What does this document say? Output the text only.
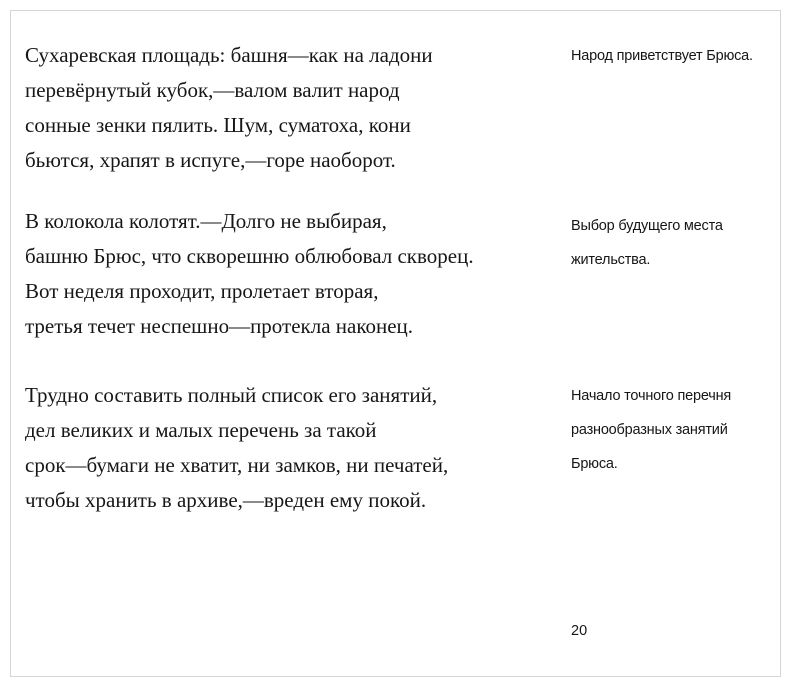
Сухаревская площадь: башня—как на ладони
перевёрнутый кубок,—валом валит народ
сонные зенки пялить. Шум, суматоха, кони
бьются, храпят в испуге,—горе наоборот.
В колокола колотят.—Долго не выбирая,
башню Брюс, что скворешню облюбовал скворец.
Вот неделя проходит, пролетает вторая,
третья течет неспешно—протекла наконец.
Трудно составить полный список его занятий,
дел великих и малых перечень за такой
срок—бумаги не хватит, ни замков, ни печатей,
чтобы хранить в архиве,—вреден ему покой.
Народ приветствует Брюса.
Выбор будущего места
жительства.
Начало точного перечня
разнообразных занятий
Брюса.
20
